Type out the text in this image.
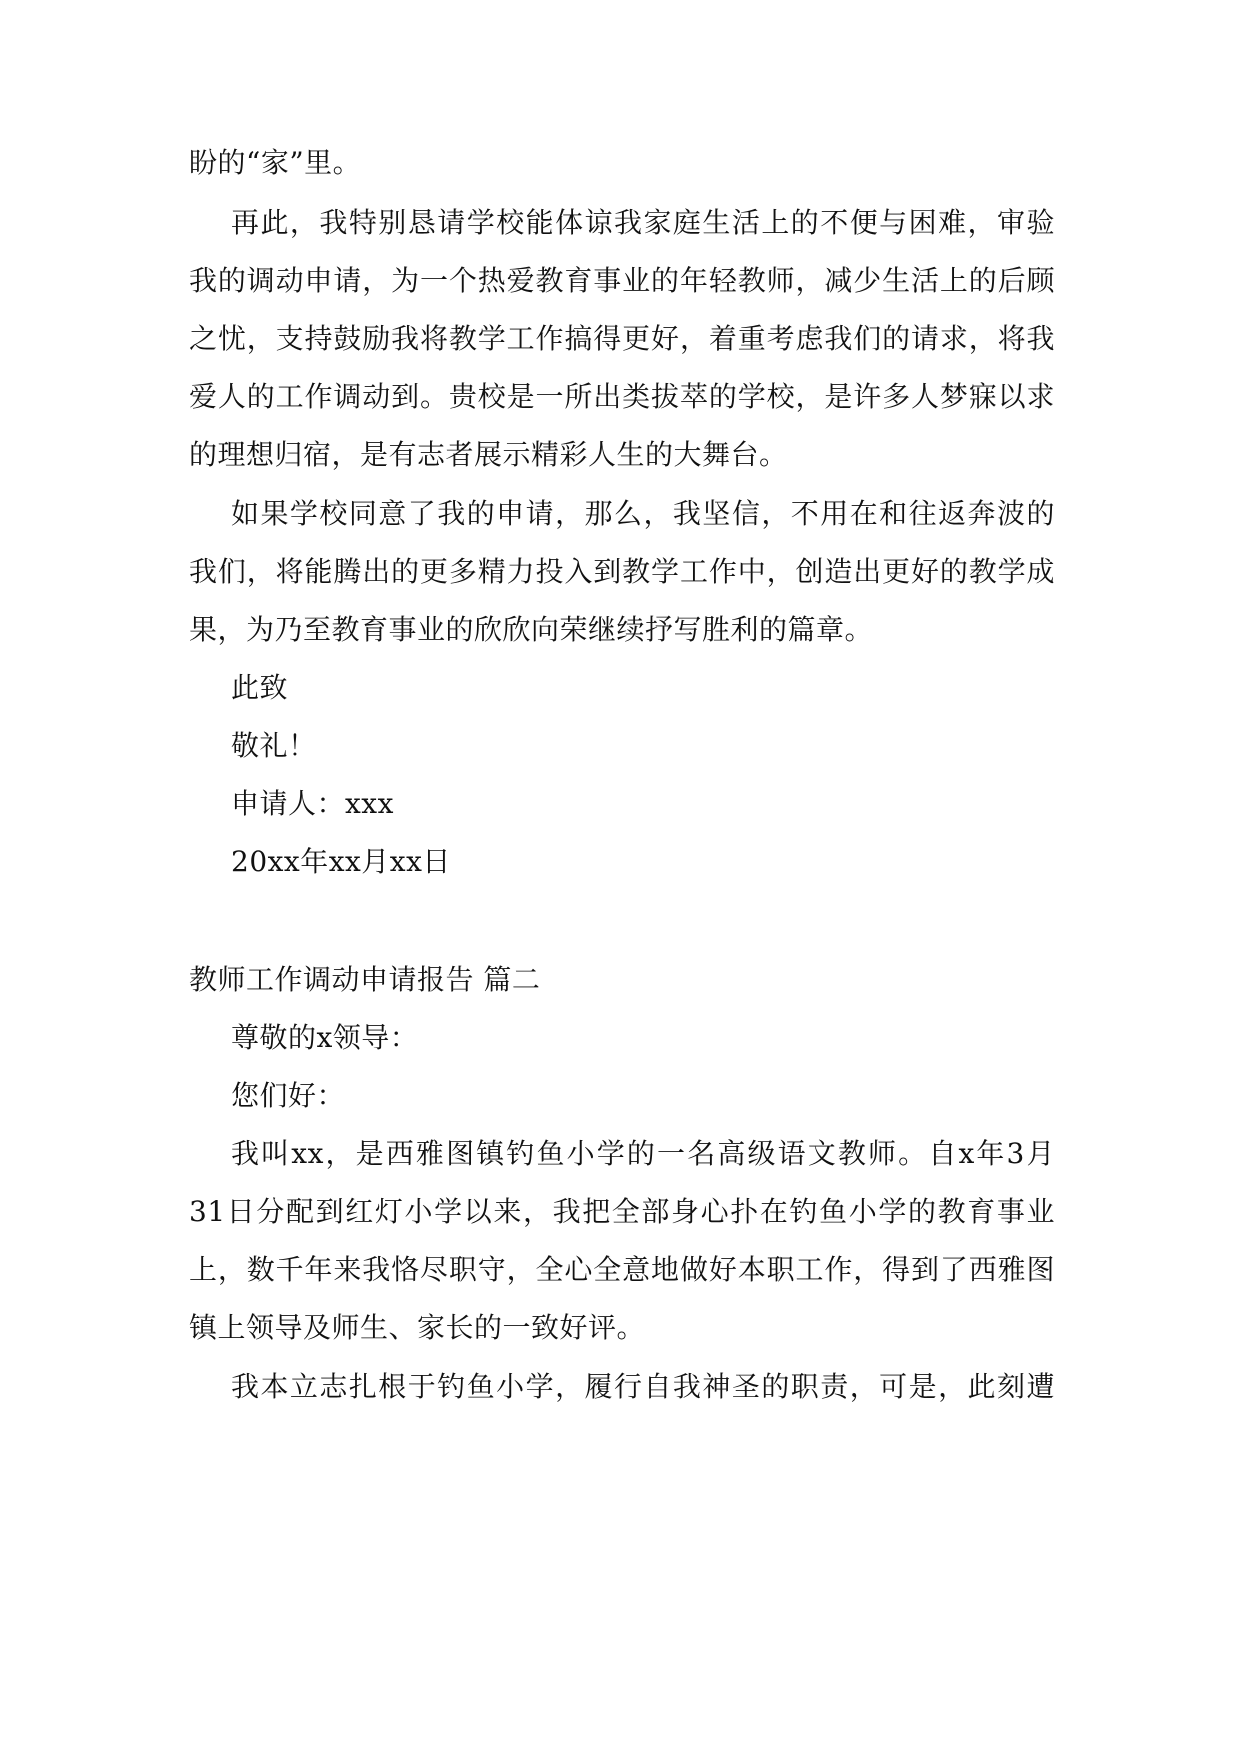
盼的“家”里。
再此，我特别恳请学校能体谅我家庭生活上的不便与困难，审验
我的调动申请，为一个热爱教育事业的年轻教师，减少生活上的后顾
之忧，支持鼓励我将教学工作搞得更好，着重考虑我们的请求，将我
爱人的工作调动到。贵校是一所出类拔萃的学校，是许多人梦寐以求
的理想归宿，是有志者展示精彩人生的大舞台。
如果学校同意了我的申请，那么，我坚信，不用在和往返奔波的
我们，将能腾出的更多精力投入到教学工作中，创造出更好的教学成
果，为乃至教育事业的欣欣向荣继续抒写胜利的篇章。
此致
敬礼！
申请人：xxx
20xx年xx月xx日
教师工作调动申请报告 篇二
尊敬的x领导：
您们好：
我叫xx，是西雅图镇钓鱼小学的一名高级语文教师。自x年3月
31日分配到红灯小学以来，我把全部身心扑在钓鱼小学的教育事业
上，数千年来我恪尽职守，全心全意地做好本职工作，得到了西雅图
镇上领导及师生、家长的一致好评。
我本立志扎根于钓鱼小学，履行自我神圣的职责，可是，此刻遭
